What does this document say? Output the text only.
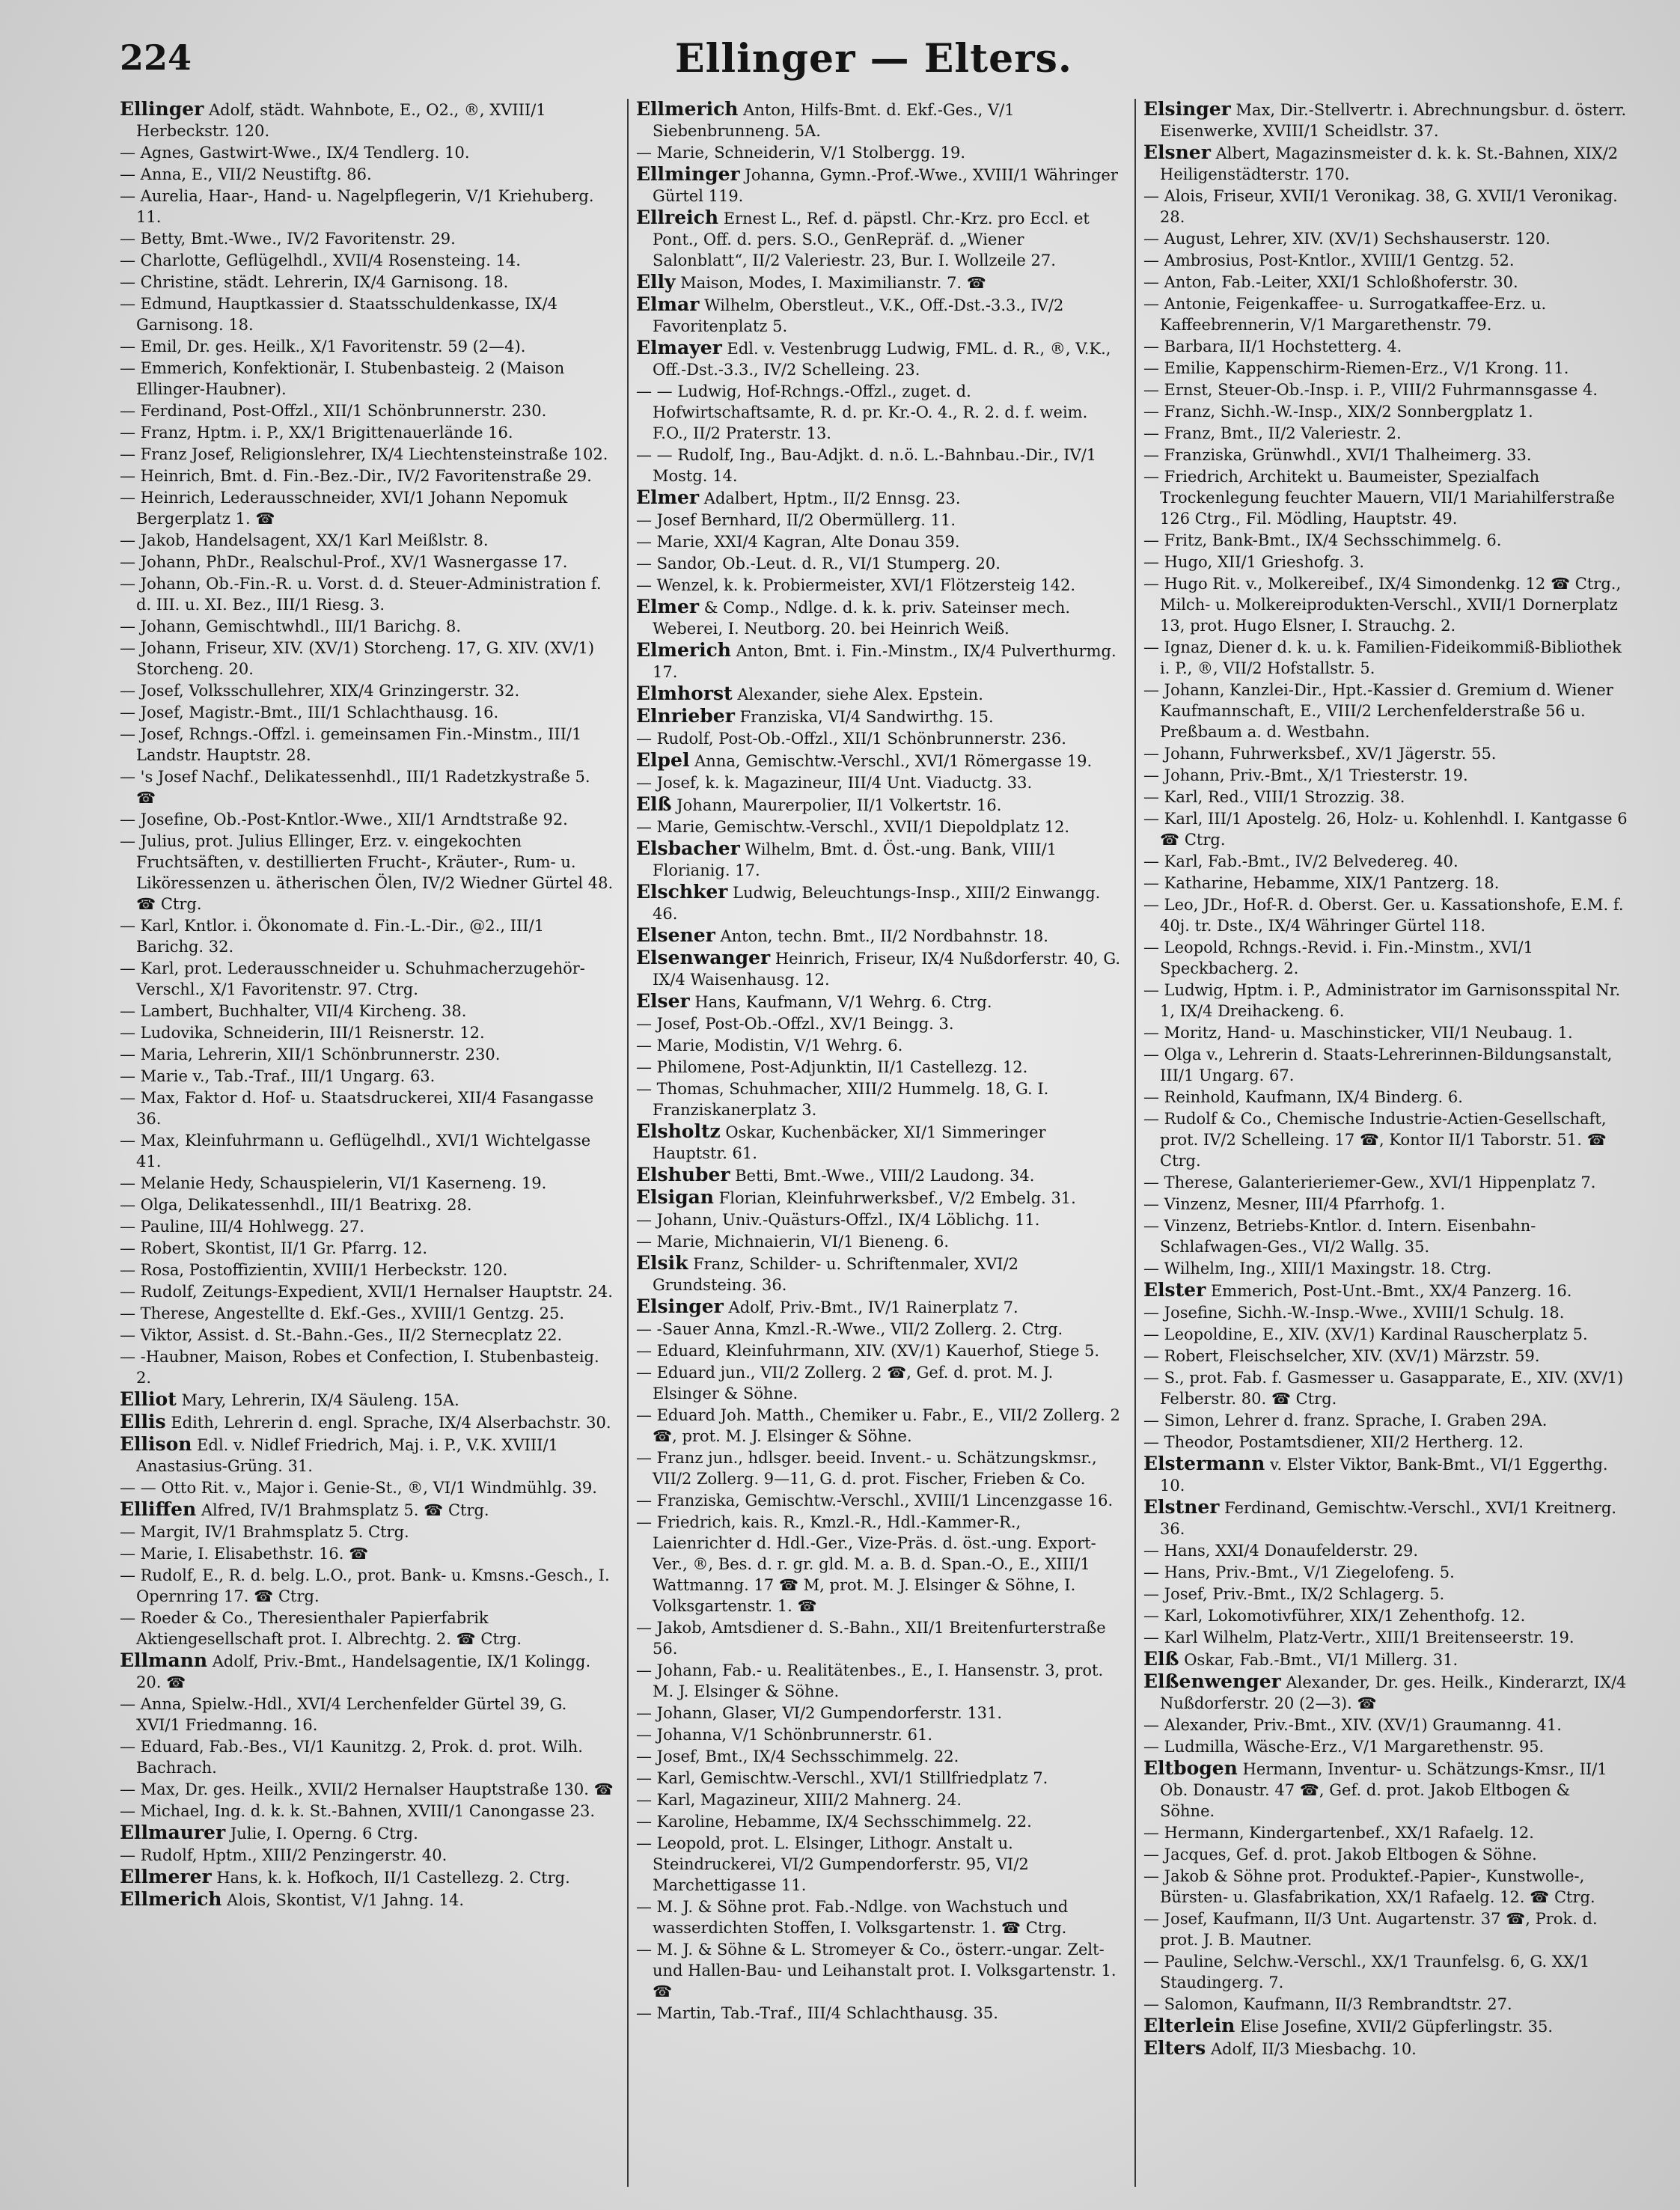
224	Ellinger — Elters.
Ellinger Adolf, städt. Wahnbote, E., O2., ®, XVIII/1 Herbeckstr. 120.
— Agnes, Gastwirt-Wwe., IX/4 Tendlerg. 10.
— Anna, E., VII/2 Neustiftg. 86.
— Aurelia, Haar-, Hand- u. Nagelpflegerin, V/1 Kriehuberg. 11.
— Betty, Bmt.-Wwe., IV/2 Favoritenstr. 29.
— Charlotte, Geflügelhdl., XVII/4 Rosensteing. 14.
— Christine, städt. Lehrerin, IX/4 Garnisong. 18.
— Edmund, Hauptkassier d. Staatsschuldenkasse, IX/4 Garnisong. 18.
— Emil, Dr. ges. Heilk., X/1 Favoritenstr. 59 (2—4).
— Emmerich, Konfektionär, I. Stubenbasteig. 2 (Maison Ellinger-Haubner).
— Ferdinand, Post-Offzl., XII/1 Schönbrunnerstr. 230.
— Franz, Hptm. i. P., XX/1 Brigittenauerlände 16.
— Franz Josef, Religionslehrer, IX/4 Liechtensteinstraße 102.
— Heinrich, Bmt. d. Fin.-Bez.-Dir., IV/2 Favoritenstraße 29.
— Heinrich, Lederausschneider, XVI/1 Johann Nepomuk Bergerplatz 1. ☎
— Jakob, Handelsagent, XX/1 Karl Meißlstr. 8.
— Johann, PhDr., Realschul-Prof., XV/1 Wasnergasse 17.
— Johann, Ob.-Fin.-R. u. Vorst. d. d. Steuer-Administration f. d. III. u. XI. Bez., III/1 Riesg. 3.
— Johann, Gemischtwhdl., III/1 Barichg. 8.
— Johann, Friseur, XIV. (XV/1) Storcheng. 17, G. XIV. (XV/1) Storcheng. 20.
— Josef, Volksschullehrer, XIX/4 Grinzingerstr. 32.
— Josef, Magistr.-Bmt., III/1 Schlachthausg. 16.
— Josef, Rchngs.-Offzl. i. gemeinsamen Fin.-Minstm., III/1 Landstr. Hauptstr. 28.
— 's Josef Nachf., Delikatessenhdl., III/1 Radetzkystraße 5. ☎
— Josefine, Ob.-Post-Kntlor.-Wwe., XII/1 Arndtstraße 92.
— Julius, prot. Julius Ellinger, Erz. v. eingekochten Fruchtsäften, v. destillierten Frucht-, Kräuter-, Rum- u. Liköressenzen u. ätherischen Ölen, IV/2 Wiedner Gürtel 48. ☎ Ctrg.
— Karl, Kntlor. i. Ökonomate d. Fin.-L.-Dir., @2., III/1 Barichg. 32.
— Karl, prot. Lederausschneider u. Schuhmacherzugehör-Verschl., X/1 Favoritenstr. 97. Ctrg.
— Lambert, Buchhalter, VII/4 Kircheng. 38.
— Ludovika, Schneiderin, III/1 Reisnerstr. 12.
— Maria, Lehrerin, XII/1 Schönbrunnerstr. 230.
— Marie v., Tab.-Traf., III/1 Ungarg. 63.
— Max, Faktor d. Hof- u. Staatsdruckerei, XII/4 Fasangasse 36.
— Max, Kleinfuhrmann u. Geflügelhdl., XVI/1 Wichtelgasse 41.
— Melanie Hedy, Schauspielerin, VI/1 Kaserneng. 19.
— Olga, Delikatessenhdl., III/1 Beatrixg. 28.
— Pauline, III/4 Hohlwegg. 27.
— Robert, Skontist, II/1 Gr. Pfarrg. 12.
— Rosa, Postoffizientin, XVIII/1 Herbeckstr. 120.
— Rudolf, Zeitungs-Expedient, XVII/1 Hernalser Hauptstr. 24.
— Therese, Angestellte d. Ekf.-Ges., XVIII/1 Gentzg. 25.
— Viktor, Assist. d. St.-Bahn.-Ges., II/2 Sternecplatz 22.
— -Haubner, Maison, Robes et Confection, I. Stubenbasteig. 2.
Elliot Mary, Lehrerin, IX/4 Säuleng. 15A.
Ellis Edith, Lehrerin d. engl. Sprache, IX/4 Alserbachstr. 30.
Ellison Edl. v. Nidlef Friedrich, Maj. i. P., V.K. XVIII/1 Anastasius-Grüng. 31.
— — Otto Rit. v., Major i. Genie-St., ®, VI/1 Windmühlg. 39.
Elliffen Alfred, IV/1 Brahmsplatz 5. ☎ Ctrg.
— Margit, IV/1 Brahmsplatz 5. Ctrg.
— Marie, I. Elisabethstr. 16. ☎
— Rudolf, E., R. d. belg. L.O., prot. Bank- u. Kmsns.-Gesch., I. Opernring 17. ☎ Ctrg.
— Roeder & Co., Theresienthaler Papierfabrik Aktiengesellschaft prot. I. Albrechtg. 2. ☎ Ctrg.
Ellmann Adolf, Priv.-Bmt., Handelsagentie, IX/1 Kolingg. 20. ☎
— Anna, Spielw.-Hdl., XVI/4 Lerchenfelder Gürtel 39, G. XVI/1 Friedmanng. 16.
— Eduard, Fab.-Bes., VI/1 Kaunitzg. 2, Prok. d. prot. Wilh. Bachrach.
— Max, Dr. ges. Heilk., XVII/2 Hernalser Hauptstraße 130. ☎
— Michael, Ing. d. k. k. St.-Bahnen, XVIII/1 Canongasse 23.
Ellmaurer Julie, I. Operng. 6 Ctrg.
— Rudolf, Hptm., XIII/2 Penzingerstr. 40.
Ellmerer Hans, k. k. Hofkoch, II/1 Castellezg. 2. Ctrg.
Ellmerich Alois, Skontist, V/1 Jahng. 14.
Ellmerich Anton, Hilfs-Bmt. d. Ekf.-Ges., V/1 Siebenbrunneng. 5A.
— Marie, Schneiderin, V/1 Stolbergg. 19.
Ellminger Johanna, Gymn.-Prof.-Wwe., XVIII/1 Währinger Gürtel 119.
Ellreich Ernest L., Ref. d. päpstl. Chr.-Krz. pro Eccl. et Pont., Off. d. pers. S.O., GenRepräf. d. „Wiener Salonblatt“, II/2 Valeriestr. 23, Bur. I. Wollzeile 27.
Elly Maison, Modes, I. Maximilianstr. 7. ☎
Elmar Wilhelm, Oberstleut., V.K., Off.-Dst.-3.3., IV/2 Favoritenplatz 5.
Elmayer Edl. v. Vestenbrugg Ludwig, FML. d. R., ®, V.K., Off.-Dst.-3.3., IV/2 Schelleing. 23.
— — Ludwig, Hof-Rchngs.-Offzl., zuget. d. Hofwirtschaftsamte, R. d. pr. Kr.-O. 4., R. 2. d. f. weim. F.O., II/2 Praterstr. 13.
— — Rudolf, Ing., Bau-Adjkt. d. n.ö. L.-Bahnbau.-Dir., IV/1 Mostg. 14.
Elmer Adalbert, Hptm., II/2 Ennsg. 23.
— Josef Bernhard, II/2 Obermüllerg. 11.
— Marie, XXI/4 Kagran, Alte Donau 359.
— Sandor, Ob.-Leut. d. R., VI/1 Stumperg. 20.
— Wenzel, k. k. Probiermeister, XVI/1 Flötzersteig 142.
Elmer & Comp., Ndlge. d. k. k. priv. Sateinser mech. Weberei, I. Neutborg. 20. bei Heinrich Weiß.
Elmerich Anton, Bmt. i. Fin.-Minstm., IX/4 Pulverthurmg. 17.
Elmhorst Alexander, siehe Alex. Epstein.
Elnrieber Franziska, VI/4 Sandwirthg. 15.
— Rudolf, Post-Ob.-Offzl., XII/1 Schönbrunnerstr. 236.
Elpel Anna, Gemischtw.-Verschl., XVI/1 Römergasse 19.
— Josef, k. k. Magazineur, III/4 Unt. Viaductg. 33.
Elß Johann, Maurerpolier, II/1 Volkertstr. 16.
— Marie, Gemischtw.-Verschl., XVII/1 Diepoldplatz 12.
Elsbacher Wilhelm, Bmt. d. Öst.-ung. Bank, VIII/1 Florianig. 17.
Elschker Ludwig, Beleuchtungs-Insp., XIII/2 Einwangg. 46.
Elsener Anton, techn. Bmt., II/2 Nordbahnstr. 18.
Elsenwanger Heinrich, Friseur, IX/4 Nußdorferstr. 40, G. IX/4 Waisenhausg. 12.
Elser Hans, Kaufmann, V/1 Wehrg. 6. Ctrg.
— Josef, Post-Ob.-Offzl., XV/1 Beingg. 3.
— Marie, Modistin, V/1 Wehrg. 6.
— Philomene, Post-Adjunktin, II/1 Castellezg. 12.
— Thomas, Schuhmacher, XIII/2 Hummelg. 18, G. I. Franziskanerplatz 3.
Elsholtz Oskar, Kuchenbäcker, XI/1 Simmeringer Hauptstr. 61.
Elshuber Betti, Bmt.-Wwe., VIII/2 Laudong. 34.
Elsigan Florian, Kleinfuhrwerksbef., V/2 Embelg. 31.
— Johann, Univ.-Quästurs-Offzl., IX/4 Löblichg. 11.
— Marie, Michnaierin, VI/1 Bieneng. 6.
Elsik Franz, Schilder- u. Schriftenmaler, XVI/2 Grundsteing. 36.
Elsinger Adolf, Priv.-Bmt., IV/1 Rainerplatz 7.
— -Sauer Anna, Kmzl.-R.-Wwe., VII/2 Zollerg. 2. Ctrg.
— Eduard, Kleinfuhrmann, XIV. (XV/1) Kauerhof, Stiege 5.
— Eduard jun., VII/2 Zollerg. 2 ☎, Gef. d. prot. M. J. Elsinger & Söhne.
— Eduard Joh. Matth., Chemiker u. Fabr., E., VII/2 Zollerg. 2 ☎, prot. M. J. Elsinger & Söhne.
— Franz jun., hdlsger. beeid. Invent.- u. Schätzungskmsr., VII/2 Zollerg. 9—11, G. d. prot. Fischer, Frieben & Co.
— Franziska, Gemischtw.-Verschl., XVIII/1 Lincenzgasse 16.
— Friedrich, kais. R., Kmzl.-R., Hdl.-Kammer-R., Laienrichter d. Hdl.-Ger., Vize-Präs. d. öst.-ung. Export-Ver., ®, Bes. d. r. gr. gld. M. a. B. d. Span.-O., E., XIII/1 Wattmanng. 17 ☎ M, prot. M. J. Elsinger & Söhne, I. Volksgartenstr. 1. ☎
— Jakob, Amtsdiener d. S.-Bahn., XII/1 Breitenfurterstraße 56.
— Johann, Fab.- u. Realitätenbes., E., I. Hansenstr. 3, prot. M. J. Elsinger & Söhne.
— Johann, Glaser, VI/2 Gumpendorferstr. 131.
— Johanna, V/1 Schönbrunnerstr. 61.
— Josef, Bmt., IX/4 Sechsschimmelg. 22.
— Karl, Gemischtw.-Verschl., XVI/1 Stillfriedplatz 7.
— Karl, Magazineur, XIII/2 Mahnerg. 24.
— Karoline, Hebamme, IX/4 Sechsschimmelg. 22.
— Leopold, prot. L. Elsinger, Lithogr. Anstalt u. Steindruckerei, VI/2 Gumpendorferstr. 95, VI/2 Marchettigasse 11.
— M. J. & Söhne prot. Fab.-Ndlge. von Wachstuch und wasserdichten Stoffen, I. Volksgartenstr. 1. ☎ Ctrg.
— M. J. & Söhne & L. Stromeyer & Co., österr.-ungar. Zelt- und Hallen-Bau- und Leihanstalt prot. I. Volksgartenstr. 1. ☎
— Martin, Tab.-Traf., III/4 Schlachthausg. 35.
Elsinger Max, Dir.-Stellvertr. i. Abrechnungsbur. d. österr. Eisenwerke, XVIII/1 Scheidlstr. 37.
Elsner Albert, Magazinsmeister d. k. k. St.-Bahnen, XIX/2 Heiligenstädterstr. 170.
— Alois, Friseur, XVII/1 Veronikag. 38, G. XVII/1 Veronikag. 28.
— August, Lehrer, XIV. (XV/1) Sechshauserstr. 120.
— Ambrosius, Post-Kntlor., XVIII/1 Gentzg. 52.
— Anton, Fab.-Leiter, XXI/1 Schloßhoferstr. 30.
— Antonie, Feigenkaffee- u. Surrogatkaffee-Erz. u. Kaffeebrennerin, V/1 Margarethenstr. 79.
— Barbara, II/1 Hochstetterg. 4.
— Emilie, Kappenschirm-Riemen-Erz., V/1 Krong. 11.
— Ernst, Steuer-Ob.-Insp. i. P., VIII/2 Fuhrmannsgasse 4.
— Franz, Sichh.-W.-Insp., XIX/2 Sonnbergplatz 1.
— Franz, Bmt., II/2 Valeriestr. 2.
— Franziska, Grünwhdl., XVI/1 Thalheimerg. 33.
— Friedrich, Architekt u. Baumeister, Spezialfach Trockenlegung feuchter Mauern, VII/1 Mariahilferstraße 126 Ctrg., Fil. Mödling, Hauptstr. 49.
— Fritz, Bank-Bmt., IX/4 Sechsschimmelg. 6.
— Hugo, XII/1 Grieshofg. 3.
— Hugo Rit. v., Molkereibef., IX/4 Simondenkg. 12 ☎ Ctrg., Milch- u. Molkereiprodukten-Verschl., XVII/1 Dornerplatz 13, prot. Hugo Elsner, I. Strauchg. 2.
— Ignaz, Diener d. k. u. k. Familien-Fideikommiß-Bibliothek i. P., ®, VII/2 Hofstallstr. 5.
— Johann, Kanzlei-Dir., Hpt.-Kassier d. Gremium d. Wiener Kaufmannschaft, E., VIII/2 Lerchenfelderstraße 56 u. Preßbaum a. d. Westbahn.
— Johann, Fuhrwerksbef., XV/1 Jägerstr. 55.
— Johann, Priv.-Bmt., X/1 Triesterstr. 19.
— Karl, Red., VIII/1 Strozzig. 38.
— Karl, III/1 Apostelg. 26, Holz- u. Kohlenhdl. I. Kantgasse 6 ☎ Ctrg.
— Karl, Fab.-Bmt., IV/2 Belvedereg. 40.
— Katharine, Hebamme, XIX/1 Pantzerg. 18.
— Leo, JDr., Hof-R. d. Oberst. Ger. u. Kassationshofe, E.M. f. 40j. tr. Dste., IX/4 Währinger Gürtel 118.
— Leopold, Rchngs.-Revid. i. Fin.-Minstm., XVI/1 Speckbacherg. 2.
— Ludwig, Hptm. i. P., Administrator im Garnisonsspital Nr. 1, IX/4 Dreihackeng. 6.
— Moritz, Hand- u. Maschinsticker, VII/1 Neubaug. 1.
— Olga v., Lehrerin d. Staats-Lehrerinnen-Bildungsanstalt, III/1 Ungarg. 67.
— Reinhold, Kaufmann, IX/4 Binderg. 6.
— Rudolf & Co., Chemische Industrie-Actien-Gesellschaft, prot. IV/2 Schelleing. 17 ☎, Kontor II/1 Taborstr. 51. ☎ Ctrg.
— Therese, Galanterieriemer-Gew., XVI/1 Hippenplatz 7.
— Vinzenz, Mesner, III/4 Pfarrhofg. 1.
— Vinzenz, Betriebs-Kntlor. d. Intern. Eisenbahn-Schlafwagen-Ges., VI/2 Wallg. 35.
— Wilhelm, Ing., XIII/1 Maxingstr. 18. Ctrg.
Elster Emmerich, Post-Unt.-Bmt., XX/4 Panzerg. 16.
— Josefine, Sichh.-W.-Insp.-Wwe., XVIII/1 Schulg. 18.
— Leopoldine, E., XIV. (XV/1) Kardinal Rauscherplatz 5.
— Robert, Fleischselcher, XIV. (XV/1) Märzstr. 59.
— S., prot. Fab. f. Gasmesser u. Gasapparate, E., XIV. (XV/1) Felberstr. 80. ☎ Ctrg.
— Simon, Lehrer d. franz. Sprache, I. Graben 29A.
— Theodor, Postamtsdiener, XII/2 Hertherg. 12.
Elstermann v. Elster Viktor, Bank-Bmt., VI/1 Eggerthg. 10.
Elstner Ferdinand, Gemischtw.-Verschl., XVI/1 Kreitnerg. 36.
— Hans, XXI/4 Donaufelderstr. 29.
— Hans, Priv.-Bmt., V/1 Ziegelofeng. 5.
— Josef, Priv.-Bmt., IX/2 Schlagerg. 5.
— Karl, Lokomotivführer, XIX/1 Zehenthofg. 12.
— Karl Wilhelm, Platz-Vertr., XIII/1 Breitenseerstr. 19.
Elß Oskar, Fab.-Bmt., VI/1 Millerg. 31.
Elßenwenger Alexander, Dr. ges. Heilk., Kinderarzt, IX/4 Nußdorferstr. 20 (2—3). ☎
— Alexander, Priv.-Bmt., XIV. (XV/1) Graumanng. 41.
— Ludmilla, Wäsche-Erz., V/1 Margarethenstr. 95.
Eltbogen Hermann, Inventur- u. Schätzungs-Kmsr., II/1 Ob. Donaustr. 47 ☎, Gef. d. prot. Jakob Eltbogen & Söhne.
— Hermann, Kindergartenbef., XX/1 Rafaelg. 12.
— Jacques, Gef. d. prot. Jakob Eltbogen & Söhne.
— Jakob & Söhne prot. Produktef.-Papier-, Kunstwolle-, Bürsten- u. Glasfabrikation, XX/1 Rafaelg. 12. ☎ Ctrg.
— Josef, Kaufmann, II/3 Unt. Augartenstr. 37 ☎, Prok. d. prot. J. B. Mautner.
— Pauline, Selchw.-Verschl., XX/1 Traunfelsg. 6, G. XX/1 Staudingerg. 7.
— Salomon, Kaufmann, II/3 Rembrandtstr. 27.
Elterlein Elise Josefine, XVII/2 Güpferlingstr. 35.
Elters Adolf, II/3 Miesbachg. 10.
